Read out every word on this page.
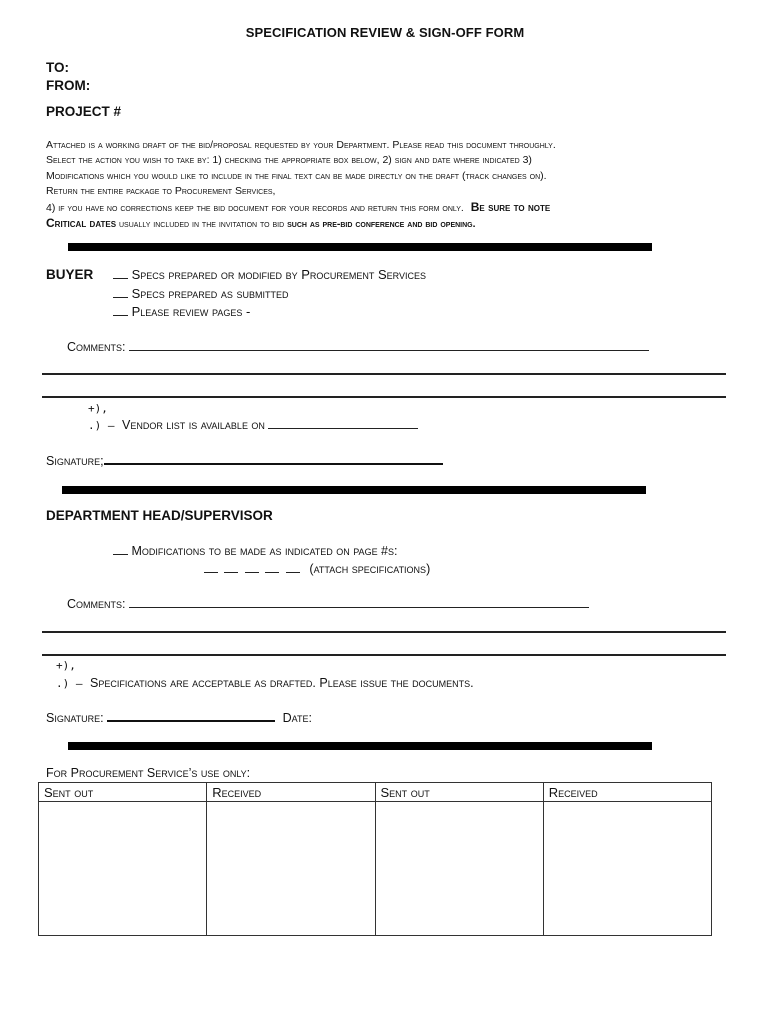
SPECIFICATION REVIEW & SIGN-OFF FORM
TO:
FROM:
PROJECT #
Attached is a working draft of the bid/proposal requested by your Department. Please read this document throughly.
Select the action you wish to take by: 1) checking the appropriate box below, 2) sign and date where indicated 3)
Modifications which you would like to include in the final text can be made directly on the draft (track changes on).
Return the entire package to Procurement Services,
4) if you have no corrections keep the bid document for your records and return this form only. Be sure to note
Critical dates usually included in the invitation to bid such as pre-bid conference and bid opening.
BUYER	Specs prepared or modified by Procurement Services
Specs prepared as submitted
Please review pages -
Comments:
+),
.) – Vendor list is available on
Signature;
DEPARTMENT HEAD/SUPERVISOR
Modifications to be made as indicated on page #s:
(attach specifications)
Comments:
+),
.) – Specifications are acceptable as drafted. Please issue the documents.
Signature:	Date:
For Procurement Service’s use only:
Sent out	Received	Sent out	Received
